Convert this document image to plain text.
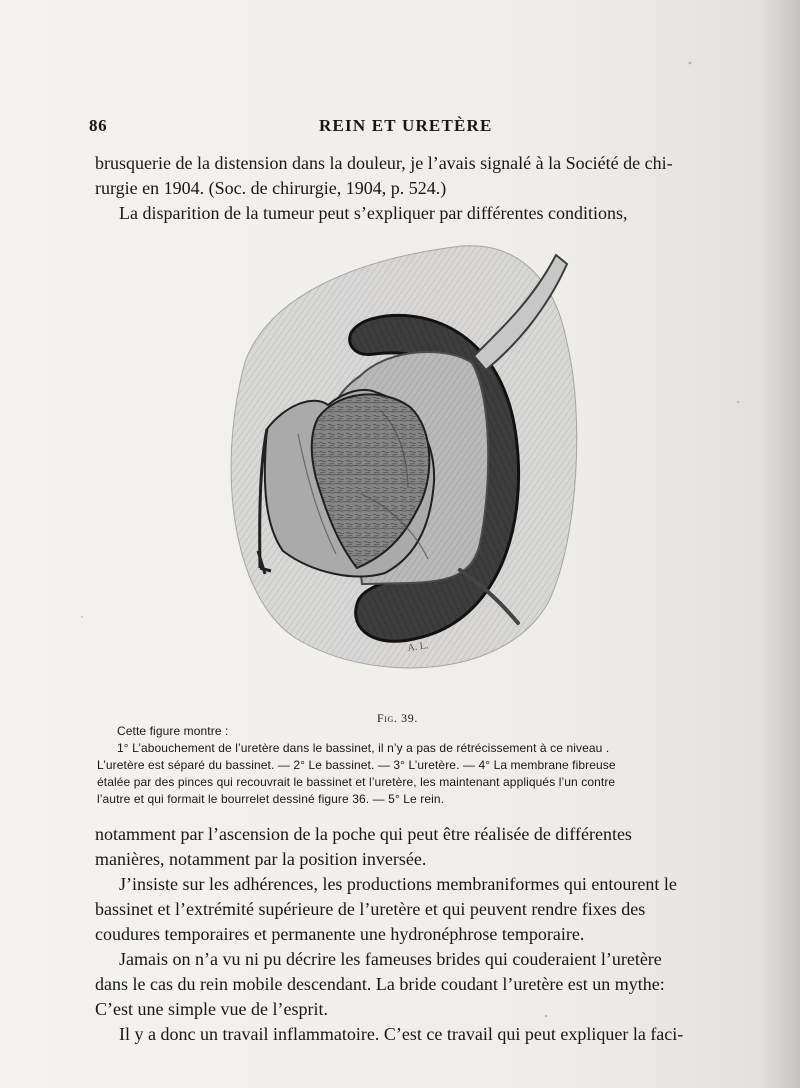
86	REIN ET URETÈRE
brusquerie de la distension dans la douleur, je l’avais signalé à la Société de chi-
rurgie en 1904. (Soc. de chirurgie, 1904, p. 524.)
La disparition de la tumeur peut s’expliquer par différentes conditions,
A. L.
Fig. 39.
Cette figure montre :
1° L’abouchement de l’uretère dans le bassinet, il n’y a pas de rétrécissement à ce niveau .
L’uretère est séparé du bassinet. — 2° Le bassinet. — 3° L’uretère. — 4° La membrane fibreuse
étalée par des pinces qui recouvrait le bassinet et l’uretère, les maintenant appliqués l’un contre
l’autre et qui formait le bourrelet dessiné figure 36. — 5° Le rein.
notamment par l’ascension de la poche qui peut être réalisée de différentes
manières, notamment par la position inversée.
J’insiste sur les adhérences, les productions membraniformes qui entourent le
bassinet et l’extrémité supérieure de l’uretère et qui peuvent rendre fixes des
coudures temporaires et permanente une hydronéphrose temporaire.
Jamais on n’a vu ni pu décrire les fameuses brides qui couderaient l’uretère
dans le cas du rein mobile descendant. La bride coudant l’uretère est un mythe:
C’est une simple vue de l’esprit.
Il y a donc un travail inflammatoire. C’est ce travail qui peut expliquer la faci-
